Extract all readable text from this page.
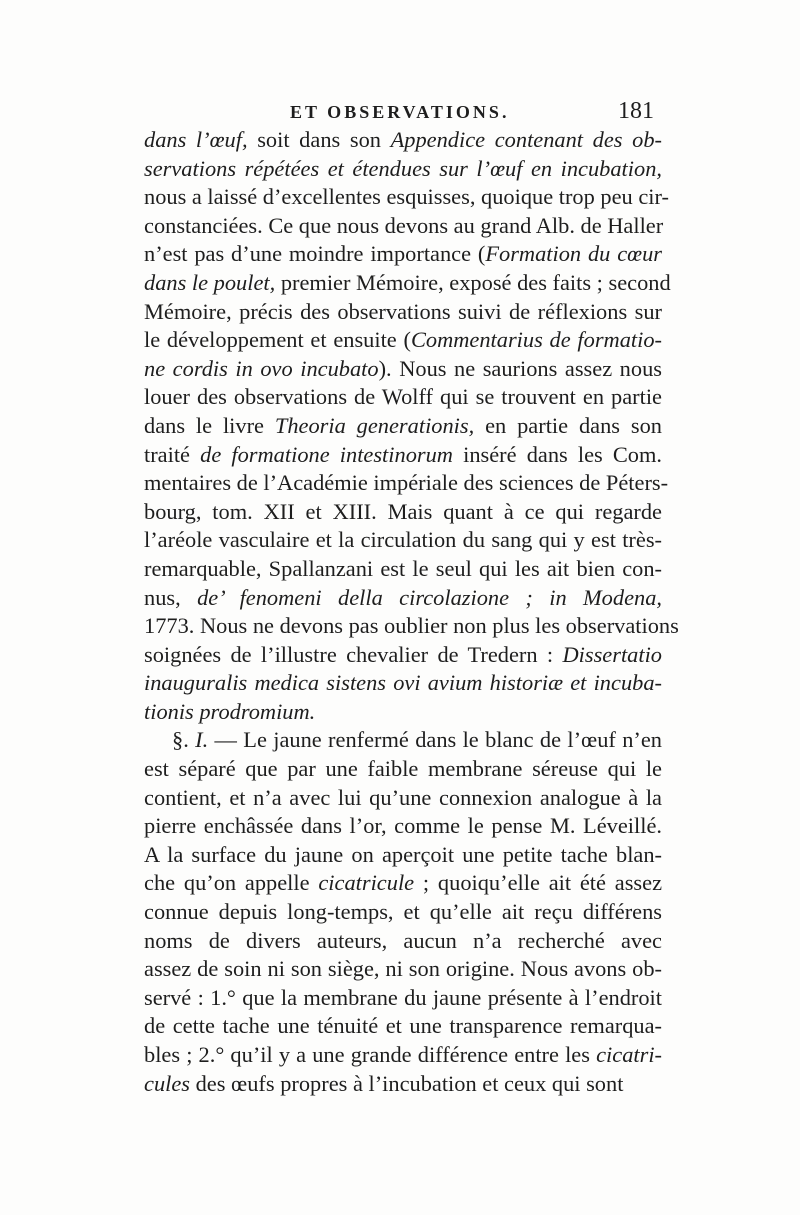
ET OBSERVATIONS.	181
dans l’œuf, soit dans son Appendice contenant des ob-
servations répétées et étendues sur l’œuf en incubation,
nous a laissé d’excellentes esquisses, quoique trop peu cir-
constanciées. Ce que nous devons au grand Alb. de Haller
n’est pas d’une moindre importance (Formation du cœur
dans le poulet, premier Mémoire, exposé des faits ; second
Mémoire, précis des observations suivi de réflexions sur
le développement et ensuite (Commentarius de formatio-
ne cordis in ovo incubato). Nous ne saurions assez nous
louer des observations de Wolff qui se trouvent en partie
dans le livre Theoria generationis, en partie dans son
traité de formatione intestinorum inséré dans les Com.
mentaires de l’Académie impériale des sciences de Péters-
bourg, tom. XII et XIII. Mais quant à ce qui regarde
l’aréole vasculaire et la circulation du sang qui y est très-
remarquable, Spallanzani est le seul qui les ait bien con-
nus, de’ fenomeni della circolazione ; in Modena,
1773. Nous ne devons pas oublier non plus les observations
soignées de l’illustre chevalier de Tredern : Dissertatio
inauguralis medica sistens ovi avium historiæ et incuba-
tionis prodromium.
§. I. — Le jaune renfermé dans le blanc de l’œuf n’en
est séparé que par une faible membrane séreuse qui le
contient, et n’a avec lui qu’une connexion analogue à la
pierre enchâssée dans l’or, comme le pense M. Léveillé.
A la surface du jaune on aperçoit une petite tache blan-
che qu’on appelle cicatricule ; quoiqu’elle ait été assez
connue depuis long-temps, et qu’elle ait reçu différens
noms de divers auteurs, aucun n’a recherché avec
assez de soin ni son siège, ni son origine. Nous avons ob-
servé : 1.° que la membrane du jaune présente à l’endroit
de cette tache une ténuité et une transparence remarqua-
bles ; 2.° qu’il y a une grande différence entre les cicatri-
cules des œufs propres à l’incubation et ceux qui sont
